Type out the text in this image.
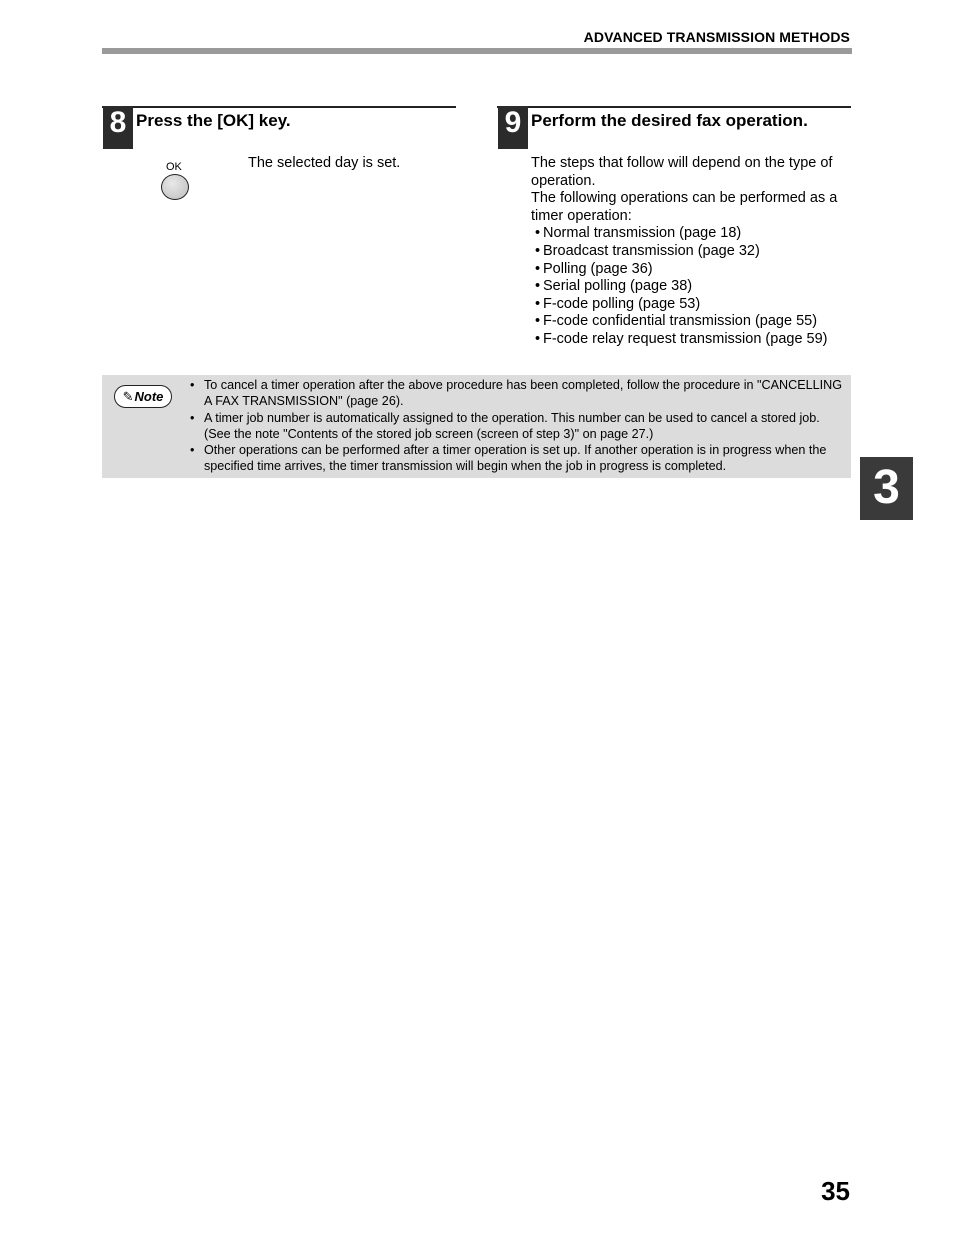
ADVANCED TRANSMISSION METHODS
8 Press the [OK] key.
OK	The selected day is set.
9 Perform the desired fax operation.

The steps that follow will depend on the type of operation.

The following operations can be performed as a timer operation:

• Normal transmission (page 18)
• Broadcast transmission (page 32)
• Polling (page 36)
• Serial polling (page 38)
• F-code polling (page 53)
• F-code confidential transmission (page 55)
• F-code relay request transmission (page 59)
✎ Note
• To cancel a timer operation after the above procedure has been completed, follow the procedure in "CANCELLING A FAX TRANSMISSION" (page 26).
• A timer job number is automatically assigned to the operation. This number can be used to cancel a stored job. (See the note "Contents of the stored job screen (screen of step 3)" on page 27.)
• Other operations can be performed after a timer operation is set up. If another operation is in progress when the specified time arrives, the timer transmission will begin when the job in progress is completed.	3
35
